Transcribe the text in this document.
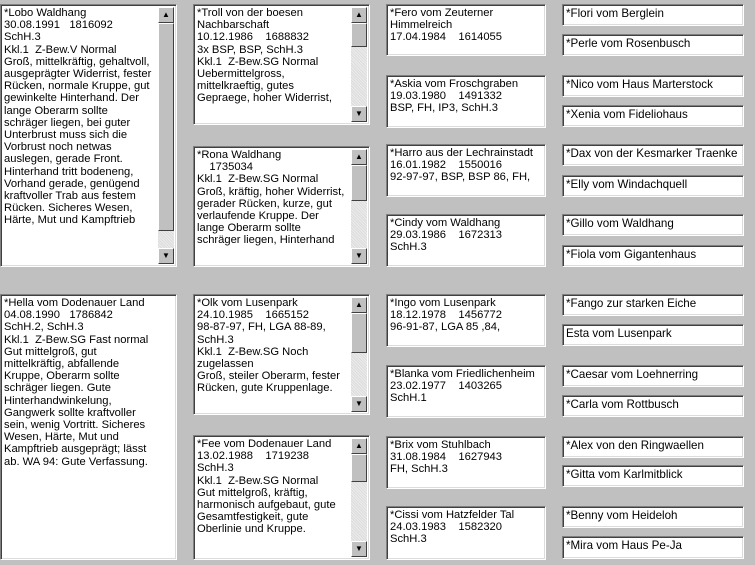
*Lobo Waldhang
30.08.1991   1816092
SchH.3
Kkl.1  Z-Bew.V Normal
Groß, mittelkräftig, gehaltvoll,
ausgeprägter Widerrist, fester
Rücken, normale Kruppe, gut
gewinkelte Hinterhand. Der
lange Oberarm sollte
schräger liegen, bei guter
Unterbrust muss sich die
Vorbrust noch netwas
auslegen, gerade Front.
Hinterhand tritt bodeneng,
Vorhand gerade, genügend
kraftvoller Trab aus festem
Rücken. Sicheres Wesen,
Härte, Mut und Kampftrieb
▲
▼
*Hella vom Dodenauer Land
04.08.1990   1786842
SchH.2, SchH.3
Kkl.1  Z-Bew.SG Fast normal
Gut mittelgroß, gut
mittelkräftig, abfallende
Kruppe, Oberarm sollte
schräger liegen. Gute
Hinterhandwinkelung,
Gangwerk sollte kraftvoller
sein, wenig Vortritt. Sicheres
Wesen, Härte, Mut und
Kampftrieb ausgeprägt; lässt
ab. WA 94: Gute Verfassung.
*Troll von der boesen
Nachbarschaft
10.12.1986    1688832
3x BSP, BSP, SchH.3
Kkl.1  Z-Bew.SG Normal
Uebermittelgross,
mittelkraeftig, gutes
Gepraege, hoher Widerrist,
▲
▼
*Rona Waldhang
1735034
Kkl.1  Z-Bew.SG Normal
Groß, kräftig, hoher Widerrist,
gerader Rücken, kurze, gut
verlaufende Kruppe. Der
lange Oberarm sollte
schräger liegen, Hinterhand
▲
▼
*Olk vom Lusenpark
24.10.1985    1665152
98-87-97, FH, LGA 88-89,
SchH.3
Kkl.1  Z-Bew.SG Noch
zugelassen
Groß, steiler Oberarm, fester
Rücken, gute Kruppenlage.
▲
▼
*Fee vom Dodenauer Land
13.02.1988    1719238
SchH.3
Kkl.1  Z-Bew.SG Normal
Gut mittelgroß, kräftig,
harmonisch aufgebaut, gute
Gesamtfestigkeit, gute
Oberlinie und Kruppe.
▲
▼
*Fero vom Zeuterner
Himmelreich
17.04.1984    1614055
*Askia vom Froschgraben
19.03.1980    1491332
BSP, FH, IP3, SchH.3
*Harro aus der Lechrainstadt
16.01.1982    1550016
92-97-97, BSP, BSP 86, FH,
*Cindy vom Waldhang
29.03.1986    1672313
SchH.3
*Ingo vom Lusenpark
18.12.1978    1456772
96-91-87, LGA 85 ,84,
*Blanka vom Friedlichenheim
23.02.1977    1403265
SchH.1
*Brix vom Stuhlbach
31.08.1984    1627943
FH, SchH.3
*Cissi vom Hatzfelder Tal
24.03.1983    1582320
SchH.3
*Flori vom Berglein
*Perle vom Rosenbusch
*Nico vom Haus Marterstock
*Xenia vom Fideliohaus
*Dax von der Kesmarker Traenke
*Elly vom Windachquell
*Gillo vom Waldhang
*Fiola vom Gigantenhaus
*Fango zur starken Eiche
Esta vom Lusenpark
*Caesar vom Loehnerring
*Carla vom Rottbusch
*Alex von den Ringwaellen
*Gitta vom Karlmitblick
*Benny vom Heideloh
*Mira vom Haus Pe-Ja
